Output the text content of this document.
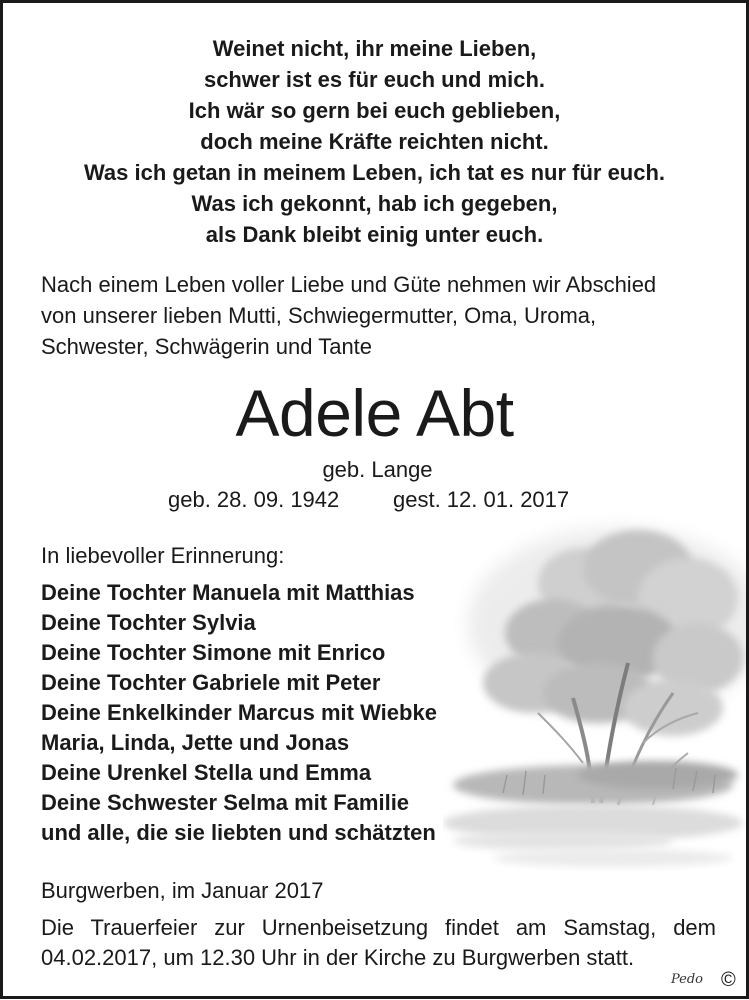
Weinet nicht, ihr meine Lieben,
schwer ist es für euch und mich.
Ich wär so gern bei euch geblieben,
doch meine Kräfte reichten nicht.
Was ich getan in meinem Leben, ich tat es nur für euch.
Was ich gekonnt, hab ich gegeben,
als Dank bleibt einig unter euch.
Nach einem Leben voller Liebe und Güte nehmen wir Abschied
von unserer lieben Mutti, Schwiegermutter, Oma, Uroma,
Schwester, Schwägerin und Tante
Adele Abt
geb. Lange
geb. 28. 09. 1942 gest. 12. 01. 2017
In liebevoller Erinnerung:
Deine Tochter Manuela mit Matthias
Deine Tochter Sylvia
Deine Tochter Simone mit Enrico
Deine Tochter Gabriele mit Peter
Deine Enkelkinder Marcus mit Wiebke
Maria, Linda, Jette und Jonas
Deine Urenkel Stella und Emma
Deine Schwester Selma mit Familie
und alle, die sie liebten und schätzten
Burgwerben, im Januar 2017
Die Trauerfeier zur Urnenbeisetzung findet am Samstag, dem
04.02.2017, um 12.30 Uhr in der Kirche zu Burgwerben statt.
Pedo ©
